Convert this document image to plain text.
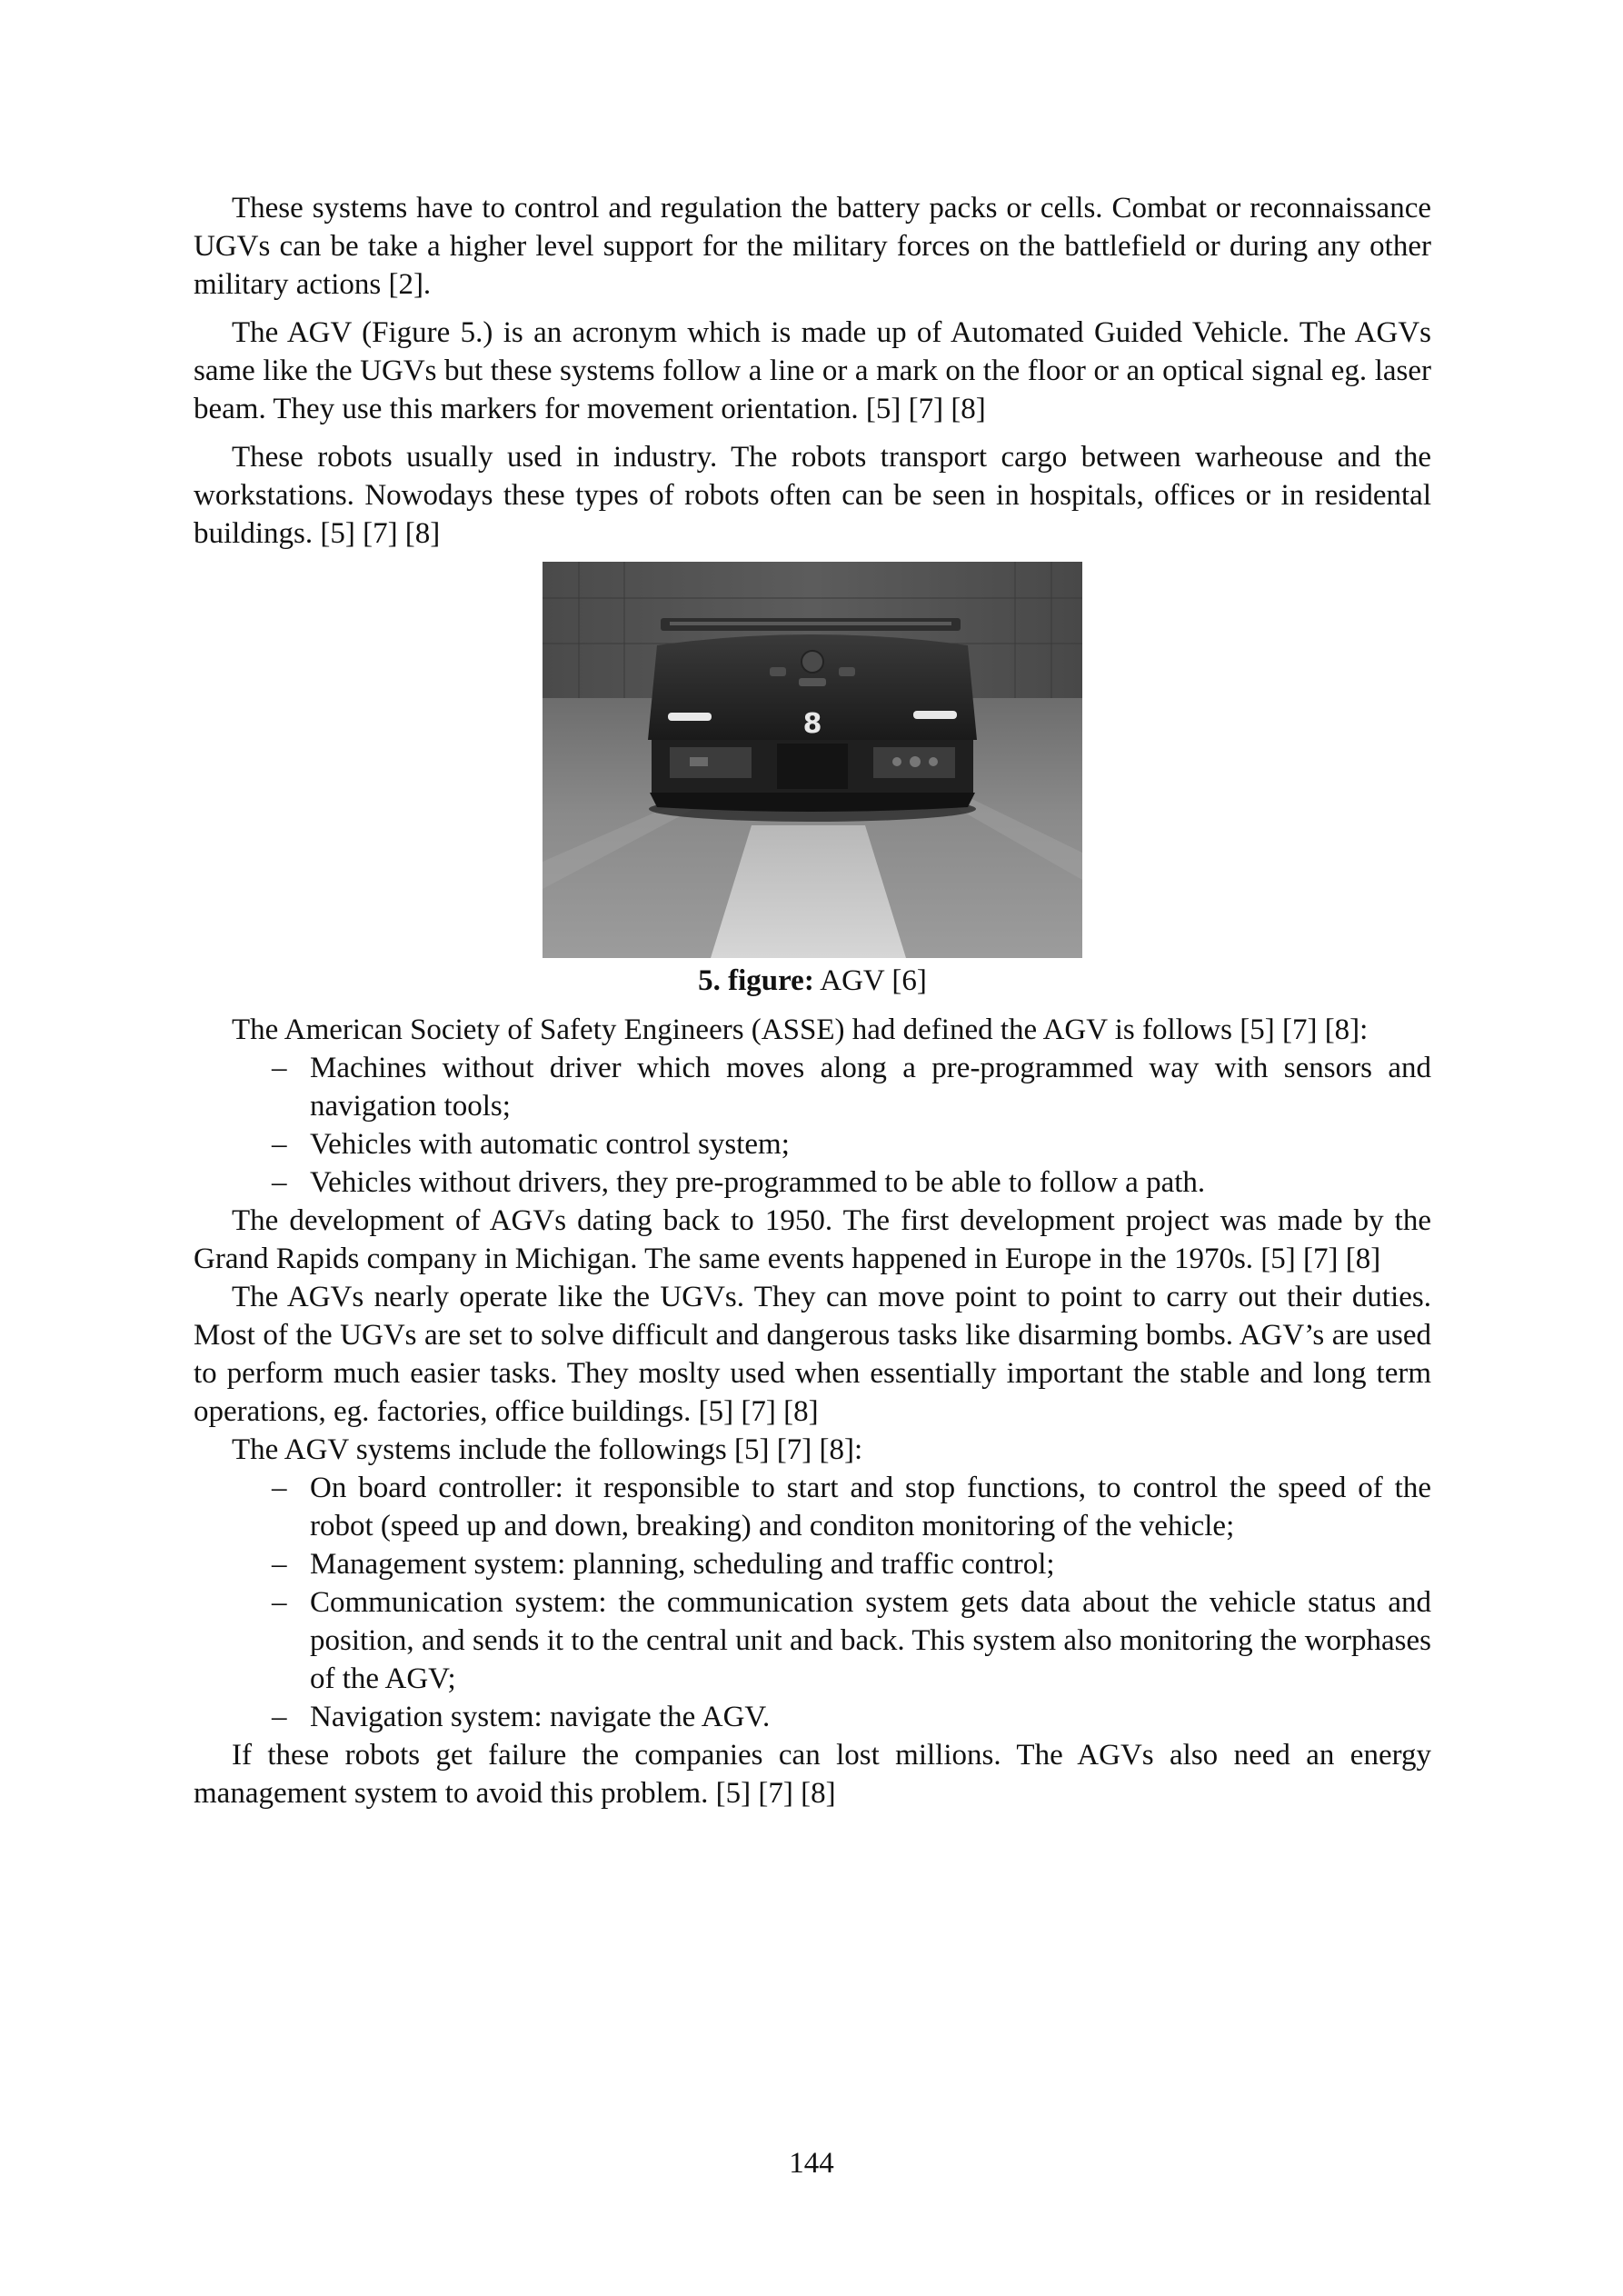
These systems have to control and regulation the battery packs or cells. Combat or reconnaissance UGVs can be take a higher level support for the military forces on the battlefield or during any other military actions [2].

The AGV (Figure 5.) is an acronym which is made up of Automated Guided Vehicle. The AGVs same like the UGVs but these systems follow a line or a mark on the floor or an optical signal eg. laser beam. They use this markers for movement orientation. [5] [7] [8]

These robots usually used in industry. The robots transport cargo between warheouse and the workstations. Nowodays these types of robots often can be seen in hospitals, offices or in residental buildings. [5] [7] [8]

8
5. figure: AGV [6]

The American Society of Safety Engineers (ASSE) had defined the AGV is follows [5] [7] [8]:

– Machines without driver which moves along a pre-programmed way with sensors and navigation tools;
– Vehicles with automatic control system;
– Vehicles without drivers, they pre-programmed to be able to follow a path.

The development of AGVs dating back to 1950. The first development project was made by the Grand Rapids company in Michigan. The same events happened in Europe in the 1970s. [5] [7] [8]

The AGVs nearly operate like the UGVs. They can move point to point to carry out their duties. Most of the UGVs are set to solve difficult and dangerous tasks like disarming bombs. AGV’s are used to perform much easier tasks. They moslty used when essentially important the stable and long term operations, eg. factories, office buildings. [5] [7] [8]

The AGV systems include the followings [5] [7] [8]:

– On board controller: it responsible to start and stop functions, to control the speed of the robot (speed up and down, breaking) and conditon monitoring of the vehicle;
– Management system: planning, scheduling and traffic control;
– Communication system: the communication system gets data about the vehicle status and position, and sends it to the central unit and back. This system also monitoring the worphases of the AGV;
– Navigation system: navigate the AGV.

If these robots get failure the companies can lost millions. The AGVs also need an energy management system to avoid this problem. [5] [7] [8]

144
